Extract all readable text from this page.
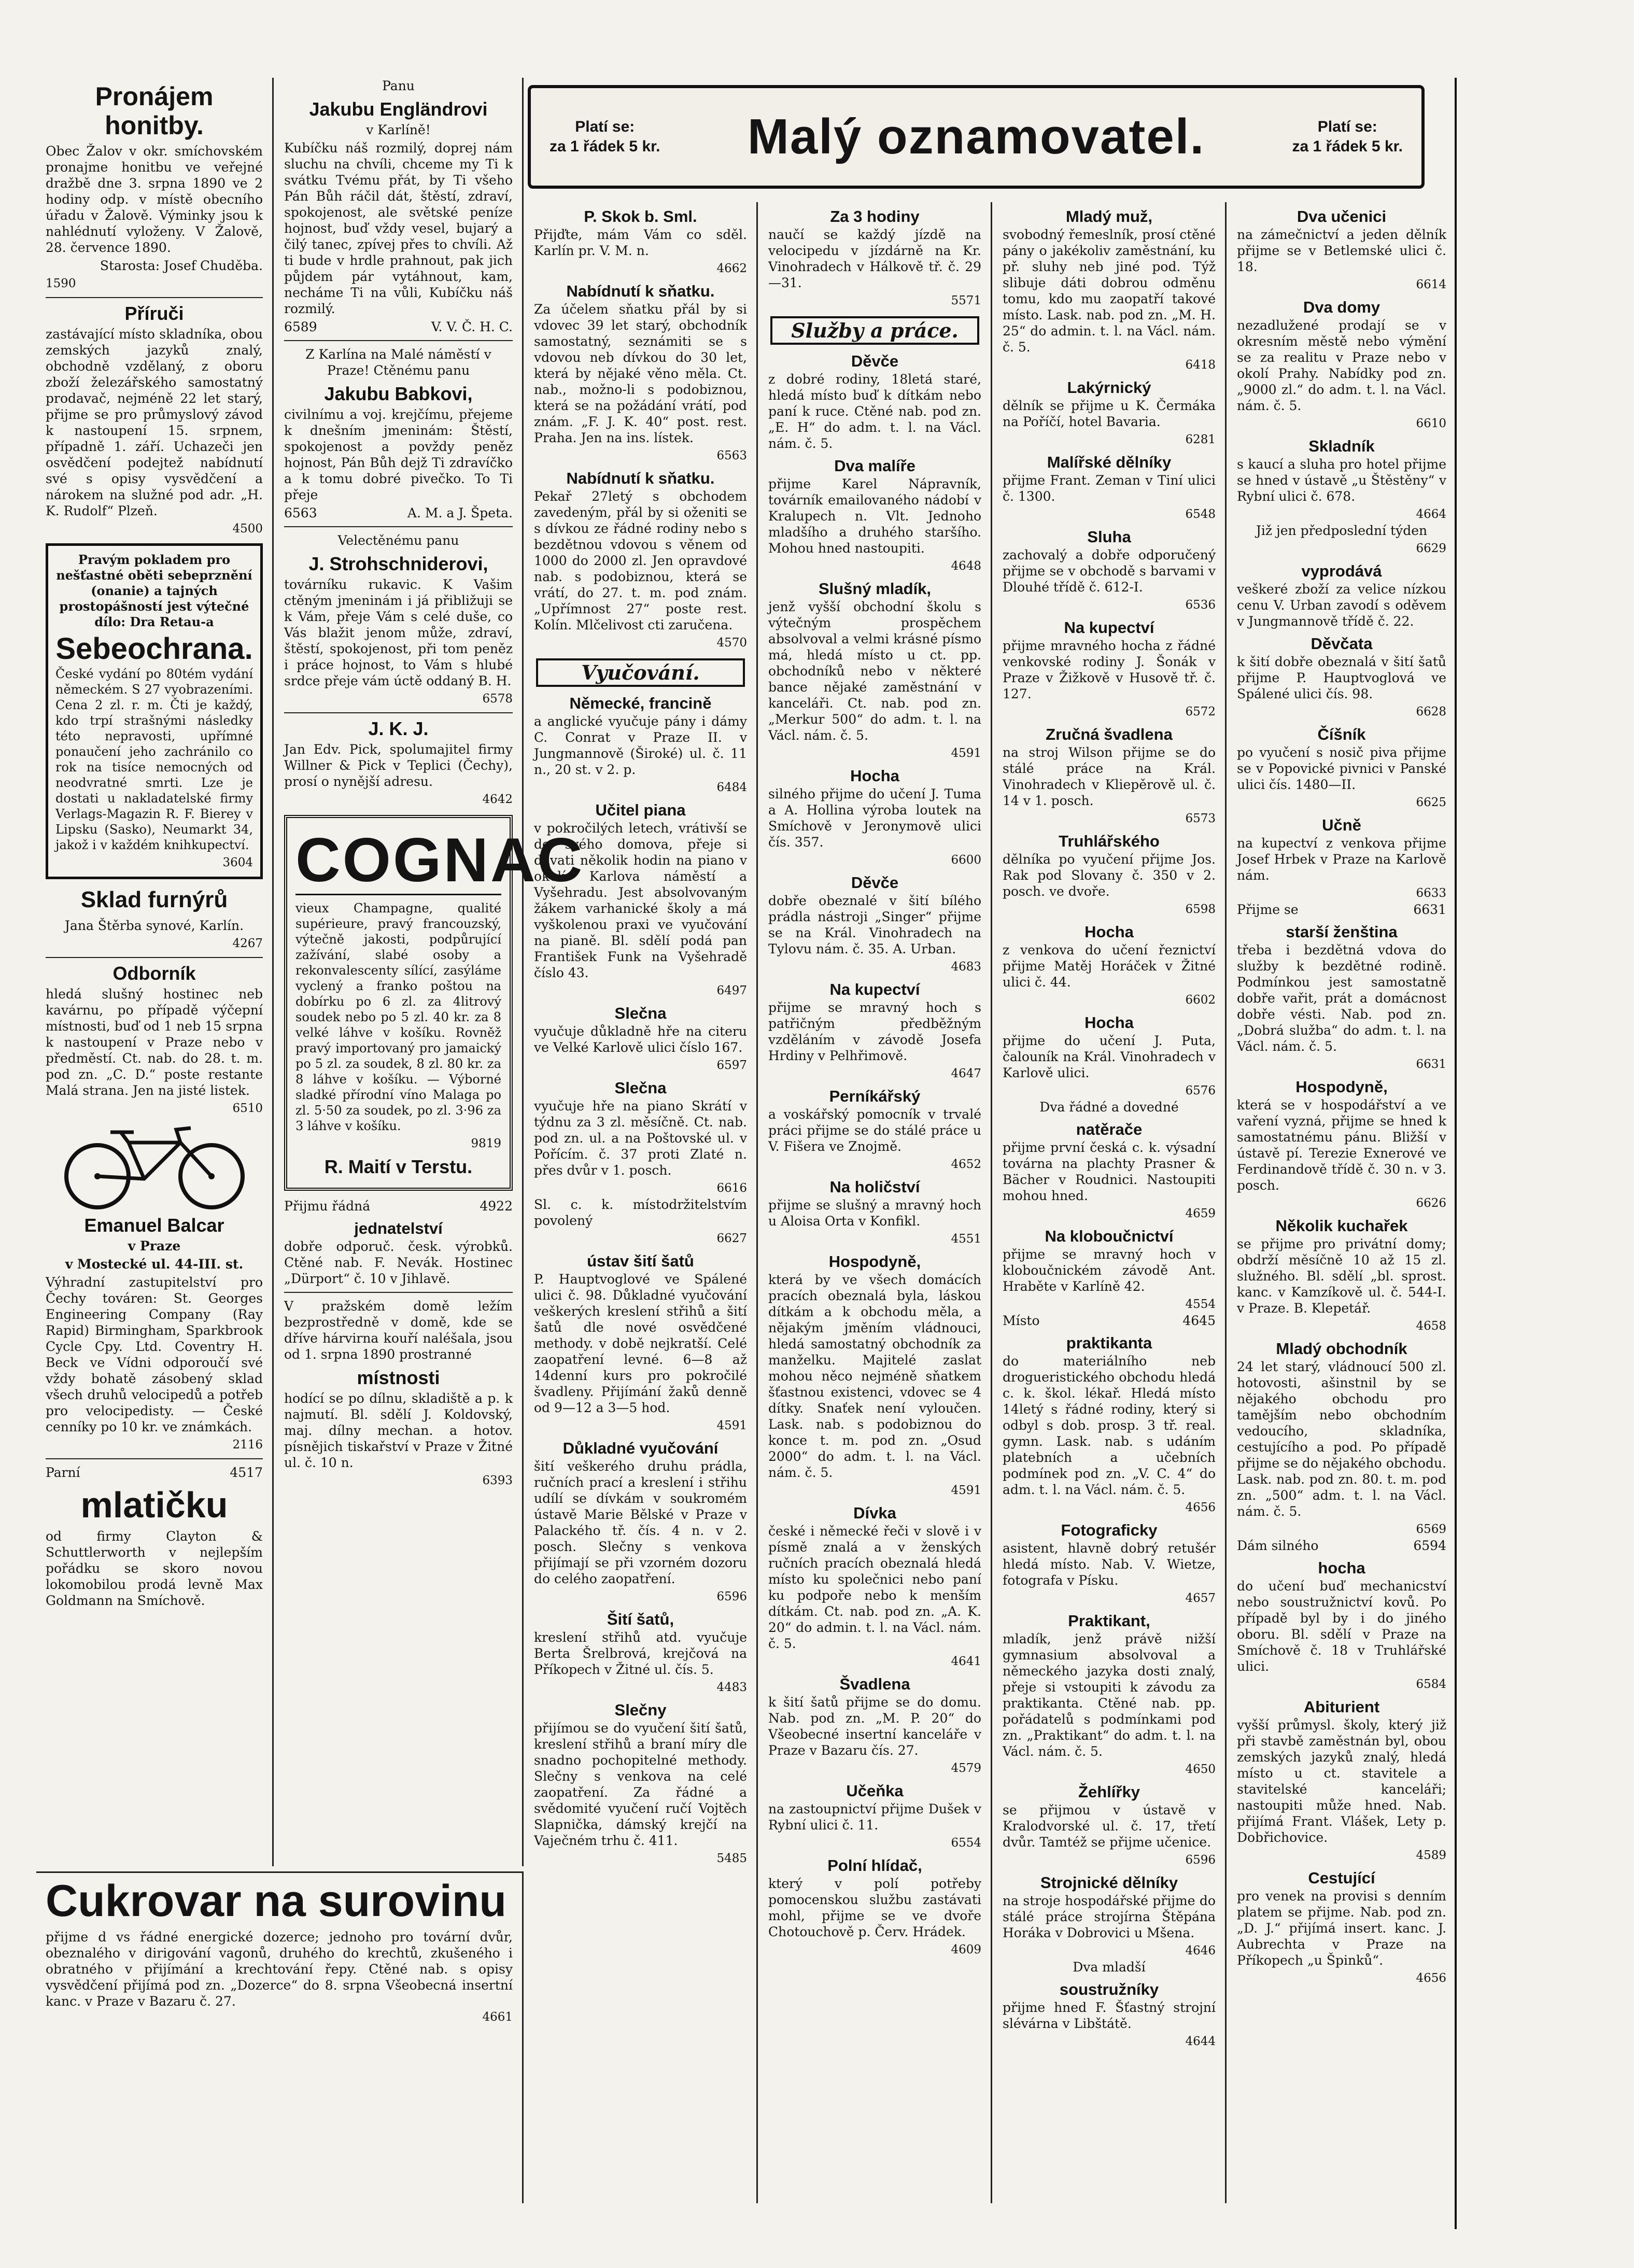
Platí se:
za 1 řádek 5 kr. Malý oznamovatel.	Platí se:
za 1 řádek 5 kr.
Pronájem honitby.

Obec Žalov v okr. smíchovském pronajme honitbu ve veřejné dražbě dne 3. srpna 1890 ve 2 hodiny odp. v místě obecního úřadu v Žalově. Výminky jsou k nahlédnutí vyloženy. V Žalově, 28. července 1890.

Starosta: Josef Chuděba.

1590
Příruči

zastávající místo skladníka, obou zemských jazyků znalý, obchodně vzdělaný, z oboru zboží železářského samostatný prodavač, nejméně 22 let starý, přijme se pro průmyslový závod k nastoupení 15. srpnem, případně 1. září. Uchazeči jen osvědčení podejtež nabídnutí své s opisy vysvědčení a nárokem na služné pod adr. „H. K. Rudolf“ Plzeň.

4500

Pravým pokladem pro nešťastné oběti sebeprznění (onanie) a tajných prostopášností jest výtečné dílo: Dra Retau-a

Sebeochrana.

České vydání po 80tém vydání německém. S 27 vyobrazeními. Cena 2 zl. r. m. Čti je každý, kdo trpí strašnými následky této nepravosti, upřímné ponaučení jeho zachránilo co rok na tisíce nemocných od neodvratné smrti. Lze je dostati u nakladatelské firmy Verlags-Magazin R. F. Bierey v Lipsku (Sasko), Neumarkt 34, jakož i v každém knihkupectví.

3604
Sklad furnýrů

Jana Štěrba synové, Karlín.

4267
Odborník

hledá slušný hostinec neb kavárnu, po případě výčepní místnosti, buď od 1 neb 15 srpna k nastoupení v Praze nebo v předměstí. Ct. nab. do 28. t. m. pod zn. „C. D.“ poste restante Malá strana. Jen na jisté listek.

6510
Emanuel Balcar

v Praze

v Mostecké ul. 44-III. st.

Výhradní zastupitelství pro Čechy továren: St. Georges Engineering Company (Ray Rapid) Birmingham, Sparkbrook Cycle Cpy. Ltd. Coventry H. Beck ve Vídni odporoučí své vždy bohatě zásobený sklad všech druhů velocipedů a potřeb pro velocipedisty. — České cenníky po 10 kr. ve známkách.

2116
Parní	4517
mlatičku

od firmy Clayton & Schuttlerworth v nejlepším pořádku se skoro novou lokomobilou prodá levně Max Goldmann na Smíchově.

Panu

Jakubu Engländrovi

v Karlíně!

Kubíčku náš rozmilý, doprej nám sluchu na chvíli, chceme my Ti k svátku Tvému přát, by Ti všeho Pán Bůh ráčil dát, štěstí, zdraví, spokojenost, ale světské peníze hojnost, buď vždy vesel, bujarý a čilý tanec, zpívej přes to chvíli. Až ti bude v hrdle prahnout, pak jich půjdem pár vytáhnout, kam, necháme Ti na vůli, Kubíčku náš rozmilý.

6589	V. V. Č. H. C.

Z Karlína na Malé náměstí v Praze! Ctěnému panu

Jakubu Babkovi,

civilnímu a voj. krejčímu, přejeme k dnešním jmeninám: Štěstí, spokojenost a povždy peněz hojnost, Pán Bůh dejž Ti zdravíčko a k tomu dobré pivečko. To Ti přeje

6563	A. M. a J. Špeta.

Velectěnému panu

J. Strohschniderovi,

továrníku rukavic. K Vašim ctěným jmeninám i já přibližuji se k Vám, přeje Vám s celé duše, co Vás blažit jenom může, zdraví, štěstí, spokojenost, při tom peněz i práce hojnost, to Vám s hlubé srdce přeje vám úctě oddaný B. H.

6578
J. K. J.

Jan Edv. Pick, spolumajitel firmy Willner & Pick v Teplici (Čechy), prosí o nynější adresu.

4642
COGNAC

vieux Champagne, qualité supérieure, pravý francouzský, výtečně jakosti, podpůrující zažívání, slabé osoby a rekonvalescenty sílící, zasýláme vyclený a franko poštou na dobírku po 6 zl. za 4litrový soudek nebo po 5 zl. 40 kr. za 8 velké láhve v košíku. Rovněž pravý importovaný pro jamaický po 5 zl. za soudek, 8 zl. 80 kr. za 8 láhve v košíku. — Výborné sladké přírodní víno Malaga po zl. 5·50 za soudek, po zl. 3·96 za 3 láhve v košíku.

9819
R. Maití v Terstu.
Přijmu řádná	4922
jednatelství

dobře odporuč. česk. výrobků. Ctěné nab. F. Nevák. Hostinec „Dürport“ č. 10 v Jihlavě.

V pražském domě ležím bezprostředně v domě, kde se dříve hárvirna kouří naléšala, jsou od 1. srpna 1890 prostranné

místnosti

hodící se po dílnu, skladiště a p. k najmutí. Bl. sdělí J. Koldovský, maj. dílny mechan. a hotov. písnějich tiskařství v Praze v Žitné ul. č. 10 n.

6393
Cukrovar na surovinu

přijme d vs řádné energické dozerce; jednoho pro tovární dvůr, obeznalého v dirigování vagonů, druhého do krechtů, zkušeného i obratného v přijímání a krechtování řepy. Ctěné nab. s opisy vysvědčení přijímá pod zn. „Dozerce“ do 8. srpna Všeobecná insertní kanc. v Praze v Bazaru č. 27.

4661
P. Skok b. Sml.

Přijďte, mám Vám co sděl. Karlín pr. V. M. n.

4662
Nabídnutí k sňatku.

Za účelem sňatku přál by si vdovec 39 let starý, obchodník samostatný, seznámiti se s vdovou neb dívkou do 30 let, která by nějaké věno měla. Ct. nab., možno-li s podobiznou, která se na požádání vrátí, pod znám. „F. J. K. 40“ post. rest. Praha. Jen na ins. lístek.

6563
Nabídnutí k sňatku.

Pekař 27letý s obchodem zavedeným, přál by si oženiti se s dívkou ze řádné rodiny nebo s bezdětnou vdovou s věnem od 1000 do 2000 zl. Jen opravdové nab. s podobiznou, která se vrátí, do 27. t. m. pod znám. „Upřímnost 27“ poste rest. Kolín. Mlčelivost cti zaručena.

4570
Vyučování.
Německé, francině

a anglické vyučuje pány i dámy C. Conrat v Praze II. v Jungmannově (Široké) ul. č. 11 n., 20 st. v 2. p.

6484
Učitel piana

v pokročilých letech, vrátivší se do svého domova, přeje si dávati několik hodin na piano v okolí Karlova náměstí a Vyšehradu. Jest absolvovaným žákem varhanické školy a má vyškolenou praxi ve vyučování na pianě. Bl. sdělí podá pan František Funk na Vyšehradě číslo 43.

6497
Slečna

vyučuje důkladně hře na citeru ve Velké Karlově ulici číslo 167.

6597
Slečna

vyučuje hře na piano Skrátí v týdnu za 3 zl. měsíčně. Ct. nab. pod zn. ul. a na Poštovské ul. v Pořícím. č. 37 proti Zlaté n. přes dvůr v 1. posch.

6616

Sl. c. k. místodržitelstvím povolený

6627
ústav šití šatů

P. Hauptvoglové ve Spálené ulici č. 98. Důkladné vyučování veškerých kreslení střihů a šití šatů dle nové osvědčené methody. v době nejkratší. Celé zaopatření levné. 6—8 až 14denní kurs pro pokročilé švadleny. Přijímání žaků denně od 9—12 a 3—5 hod.

4591
Důkladné vyučování

šití veškerého druhu prádla, ručních prací a kreslení i střihu udílí se dívkám v soukromém ústavě Marie Bělské v Praze v Palackého tř. čís. 4 n. v 2. posch. Slečny s venkova přijímají se při vzorném dozoru do celého zaopatření.

6596
Šití šatů,

kreslení střihů atd. vyučuje Berta Šrelbrová, krejčová na Příkopech v Žitné ul. čís. 5.

4483
Slečny

přijímou se do vyučení šití šatů, kreslení střihů a braní míry dle snadno pochopitelné methody. Slečny s venkova na celé zaopatření. Za řádné a svědomité vyučení ručí Vojtěch Slapnička, dámský krejčí na Vaječném trhu č. 411.

5485
Za 3 hodiny

naučí se každý jízdě na velocipedu v jízdárně na Kr. Vinohradech v Hálkově tř. č. 29—31.

5571
Služby a práce.
Děvče

z dobré rodiny, 18letá staré, hledá místo buď k dítkám nebo paní k ruce. Ctěné nab. pod zn. „E. H“ do adm. t. l. na Václ. nám. č. 5.

Dva malíře

přijme Karel Nápravník, továrník emailovaného nádobí v Kralupech n. Vlt. Jednoho mladšího a druhého staršího. Mohou hned nastoupiti.

4648
Slušný mladík,

jenž vyšší obchodní školu s výtečným prospěchem absolvoval a velmi krásné písmo má, hledá místo u ct. pp. obchodníků nebo v některé bance nějaké zaměstnání v kanceláři. Ct. nab. pod zn. „Merkur 500“ do adm. t. l. na Václ. nám. č. 5.

4591
Hocha

silného přijme do učení J. Tuma a A. Hollina výroba loutek na Smíchově v Jeronymově ulici čís. 357.

6600
Děvče

dobře obeznalé v šití bílého prádla nástroji „Singer“ přijme se na Král. Vinohradech na Tylovu nám. č. 35. A. Urban.

4683
Na kupectví

přijme se mravný hoch s patřičným předběžným vzděláním v závodě Josefa Hrdiny v Pelhřimově.

4647
Perníkářský

a voskářský pomocník v trvalé práci přijme se do stálé práce u V. Fišera ve Znojmě.

4652
Na holičství

přijme se slušný a mravný hoch u Aloisa Orta v Konfikl.

4551
Hospodyně,

která by ve všech domácích pracích obeznalá byla, láskou dítkám a k obchodu měla, a nějakým jměním vládnouci, hledá samostatný obchodník za manželku. Majitelé zaslat mohou něco nejméně sňatkem šťastnou existenci, vdovec se 4 dítky. Snaťek není vyloučen. Lask. nab. s podobiznou do konce t. m. pod zn. „Osud 2000“ do adm. t. l. na Václ. nám. č. 5.

4591
Dívka

české i německé řeči v slově i v písmě znalá a v ženských ručních pracích obeznalá hledá místo ku společnici nebo paní ku podpoře nebo k menším dítkám. Ct. nab. pod zn. „A. K. 20“ do admin. t. l. na Václ. nám. č. 5.

4641
Švadlena

k šití šatů přijme se do domu. Nab. pod zn. „M. P. 20“ do Všeobecné insertní kanceláře v Praze v Bazaru čís. 27.

4579
Učeňka

na zastoupnictví přijme Dušek v Rybní ulici č. 11.

6554
Polní hlídač,

který v polí potřeby pomocenskou službu zastávati mohl, přijme se ve dvoře Chotouchově p. Červ. Hrádek.

4609
Mladý muž,

svobodný řemeslník, prosí ctěné pány o jakékoliv zaměstnání, ku př. sluhy neb jiné pod. Týž slibuje dáti dobrou odměnu tomu, kdo mu zaopatří takové místo. Lask. nab. pod zn. „M. H. 25“ do admin. t. l. na Václ. nám. č. 5.

6418
Lakýrnický

dělník se přijme u K. Čermáka na Poříčí, hotel Bavaria.

6281
Malířské dělníky

přijme Frant. Zeman v Tiní ulici č. 1300.

6548
Sluha

zachovalý a dobře odporučený přijme se v obchodě s barvami v Dlouhé třídě č. 612-I.

6536
Na kupectví

přijme mravného hocha z řádné venkovské rodiny J. Šonák v Praze v Žižkově v Husově tř. č. 127.

6572
Zručná švadlena

na stroj Wilson přijme se do stálé práce na Král. Vinohradech v Kliepěrově ul. č. 14 v 1. posch.

6573
Truhlářského

dělníka po vyučení přijme Jos. Rak pod Slovany č. 350 v 2. posch. ve dvoře.

6598
Hocha

z venkova do učení řeznictví přijme Matěj Horáček v Žitné ulici č. 44.

6602
Hocha

přijme do učení J. Puta, čalouník na Král. Vinohradech v Karlově ulici.

6576

Dva řádné a dovedné

natěrače

přijme první česká c. k. výsadní továrna na plachty Prasner & Bächer v Roudnici. Nastoupiti mohou hned.

4659
Na kloboučnictví

přijme se mravný hoch v kloboučnickém závodě Ant. Hraběte v Karlíně 42.

4554
Místo	4645
praktikanta

do materiálního neb drogueristického obchodu hledá c. k. škol. lékař. Hledá místo 14letý s řádné rodiny, který si odbyl s dob. prosp. 3 tř. real. gymn. Lask. nab. s udáním platebních a učebních podmínek pod zn. „V. C. 4“ do adm. t. l. na Václ. nám. č. 5.

4656
Fotograficky

asistent, hlavně dobrý retušér hledá místo. Nab. V. Wietze, fotografa v Písku.

4657
Praktikant,

mladík, jenž právě nižší gymnasium absolvoval a německého jazyka dosti znalý, přeje si vstoupiti k závodu za praktikanta. Ctěné nab. pp. pořádatelů s podmínkami pod zn. „Praktikant“ do adm. t. l. na Václ. nám. č. 5.

4650
Žehlířky

se přijmou v ústavě v Kralodvorské ul. č. 17, třetí dvůr. Tamtéž se přijme učenice.

6596
Strojnické dělníky

na stroje hospodářské přijme do stálé práce strojírna Štěpána Horáka v Dobrovici u Mšena.

4646

Dva mladší

soustružníky

přijme hned F. Šťastný strojní slévárna v Libštátě.

4644
Dva učenici

na zámečnictví a jeden dělník přijme se v Betlemské ulici č. 18.

6614
Dva domy

nezadlužené prodají se v okresním městě nebo výmění se za realitu v Praze nebo v okolí Prahy. Nabídky pod zn. „9000 zl.“ do adm. t. l. na Václ. nám. č. 5.

6610
Skladník

s kaucí a sluha pro hotel přijme se hned v ústavě „u Štěstěny“ v Rybní ulici č. 678.

4664

Již jen předposlední týden

6629
vyprodává

veškeré zboží za velice nízkou cenu V. Urban zavodí s oděvem v Jungmannově třídě č. 22.

Děvčata

k šití dobře obeznalá v šití šatů přijme P. Hauptvoglová ve Spálené ulici čís. 98.

6628
Číšník

po vyučení s nosič piva přijme se v Popovické pivnici v Panské ulici čís. 1480—II.

6625
Učně

na kupectví z venkova přijme Josef Hrbek v Praze na Karlově nám.

6633
Přijme se	6631
starší ženština

třeba i bezdětná vdova do služby k bezdětné rodině. Podmínkou jest samostatně dobře vařit, prát a domácnost dobře vésti. Nab. pod zn. „Dobrá služba“ do adm. t. l. na Václ. nám. č. 5.

6631
Hospodyně,

která se v hospodářství a ve vaření vyzná, přijme se hned k samostatnému pánu. Bližší v ústavě pí. Terezie Exnerové ve Ferdinandově třídě č. 30 n. v 3. posch.

6626
Několik kuchařek

se přijme pro privátní domy; obdrží měsíčně 10 až 15 zl. služného. Bl. sdělí „bl. sprost. kanc. v Kamzíkově ul. č. 544-I. v Praze. B. Klepetář.

4658
Mladý obchodník

24 let starý, vládnoucí 500 zl. hotovosti, ašinstnil by se nějakého obchodu pro tamějším nebo obchodním vedoucího, skladníka, cestujícího a pod. Po případě přijme se do nějakého obchodu. Lask. nab. pod zn. 80. t. m. pod zn. „500“ adm. t. l. na Václ. nám. č. 5.

6569
Dám silného	6594
hocha

do učení buď mechanicství nebo soustružnictví kovů. Po případě byl by i do jiného oboru. Bl. sdělí v Praze na Smíchově č. 18 v Truhlářské ulici.

6584
Abiturient

vyšší průmysl. školy, který již při stavbě zaměstnán byl, obou zemských jazyků znalý, hledá místo u ct. stavitele a stavitelské kanceláři; nastoupiti může hned. Nab. přijímá Frant. Vlášek, Lety p. Dobřichovice.

4589
Cestující

pro venek na provisi s denním platem se přijme. Nab. pod zn. „D. J.“ přijímá insert. kanc. J. Aubrechta v Praze na Příkopech „u Špinků“.

4656
